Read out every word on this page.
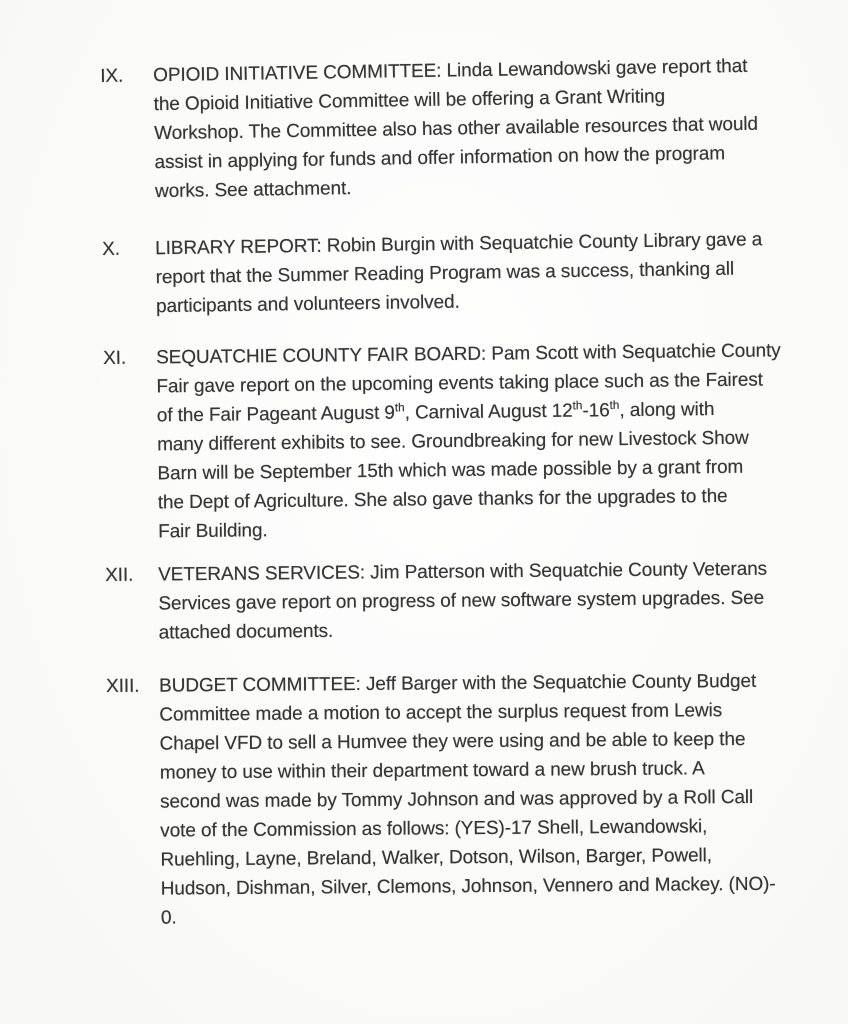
IX.	OPIOID INITIATIVE COMMITTEE: Linda Lewandowski gave report that
the Opioid Initiative Committee will be offering a Grant Writing
Workshop. The Committee also has other available resources that would
assist in applying for funds and offer information on how the program
works. See attachment.
X.	LIBRARY REPORT: Robin Burgin with Sequatchie County Library gave a
report that the Summer Reading Program was a success, thanking all
participants and volunteers involved.
XI.	SEQUATCHIE COUNTY FAIR BOARD: Pam Scott with Sequatchie County
Fair gave report on the upcoming events taking place such as the Fairest
of the Fair Pageant August 9th, Carnival August 12th-16th, along with
many different exhibits to see. Groundbreaking for new Livestock Show
Barn will be September 15th which was made possible by a grant from
the Dept of Agriculture. She also gave thanks for the upgrades to the
Fair Building.
XII.	VETERANS SERVICES: Jim Patterson with Sequatchie County Veterans
Services gave report on progress of new software system upgrades. See
attached documents.
XIII.	BUDGET COMMITTEE: Jeff Barger with the Sequatchie County Budget
Committee made a motion to accept the surplus request from Lewis
Chapel VFD to sell a Humvee they were using and be able to keep the
money to use within their department toward a new brush truck. A
second was made by Tommy Johnson and was approved by a Roll Call
vote of the Commission as follows: (YES)-17 Shell, Lewandowski,
Ruehling, Layne, Breland, Walker, Dotson, Wilson, Barger, Powell,
Hudson, Dishman, Silver, Clemons, Johnson, Vennero and Mackey. (NO)-
0.
